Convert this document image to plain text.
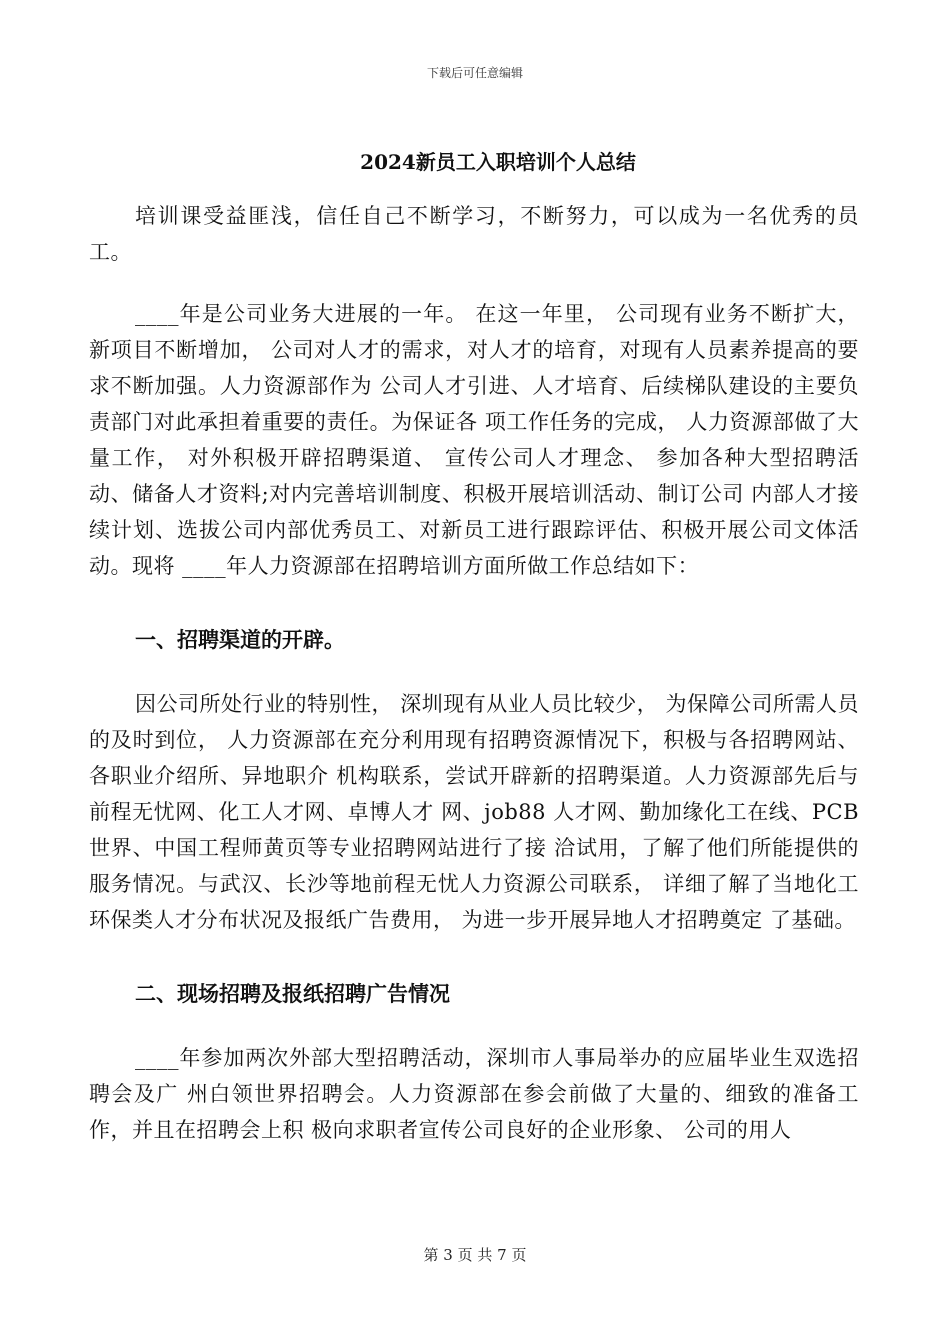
下载后可任意编辑
2024新员工入职培训个人总结

培训课受益匪浅，信任自己不断学习，不断努力，可以成为一名优秀的员工。

____年是公司业务大进展的一年。 在这一年里， 公司现有业务不断扩大， 新项目不断增加， 公司对人才的需求，对人才的培育，对现有人员素养提高的要求不断加强。人力资源部作为 公司人才引进、人才培育、后续梯队建设的主要负责部门对此承担着重要的责任。为保证各 项工作任务的完成， 人力资源部做了大量工作， 对外积极开辟招聘渠道、 宣传公司人才理念、 参加各种大型招聘活动、储备人才资料;对内完善培训制度、积极开展培训活动、制订公司 内部人才接续计划、选拔公司内部优秀员工、对新员工进行跟踪评估、积极开展公司文体活 动。现将 ____年人力资源部在招聘培训方面所做工作总结如下：

一、招聘渠道的开辟。

因公司所处行业的特别性， 深圳现有从业人员比较少， 为保障公司所需人员的及时到位， 人力资源部在充分利用现有招聘资源情况下，积极与各招聘网站、各职业介绍所、异地职介 机构联系，尝试开辟新的招聘渠道。人力资源部先后与前程无忧网、化工人才网、卓博人才 网、job88 人才网、勤加缘化工在线、PCB 世界、中国工程师黄页等专业招聘网站进行了接 洽试用，了解了他们所能提供的服务情况。与武汉、长沙等地前程无忧人力资源公司联系， 详细了解了当地化工环保类人才分布状况及报纸广告费用， 为进一步开展异地人才招聘奠定 了基础。

二、现场招聘及报纸招聘广告情况

____年参加两次外部大型招聘活动，深圳市人事局举办的应届毕业生双选招聘会及广 州白领世界招聘会。人力资源部在参会前做了大量的、细致的准备工作，并且在招聘会上积 极向求职者宣传公司良好的企业形象、 公司的用人

第 3 页 共 7 页
